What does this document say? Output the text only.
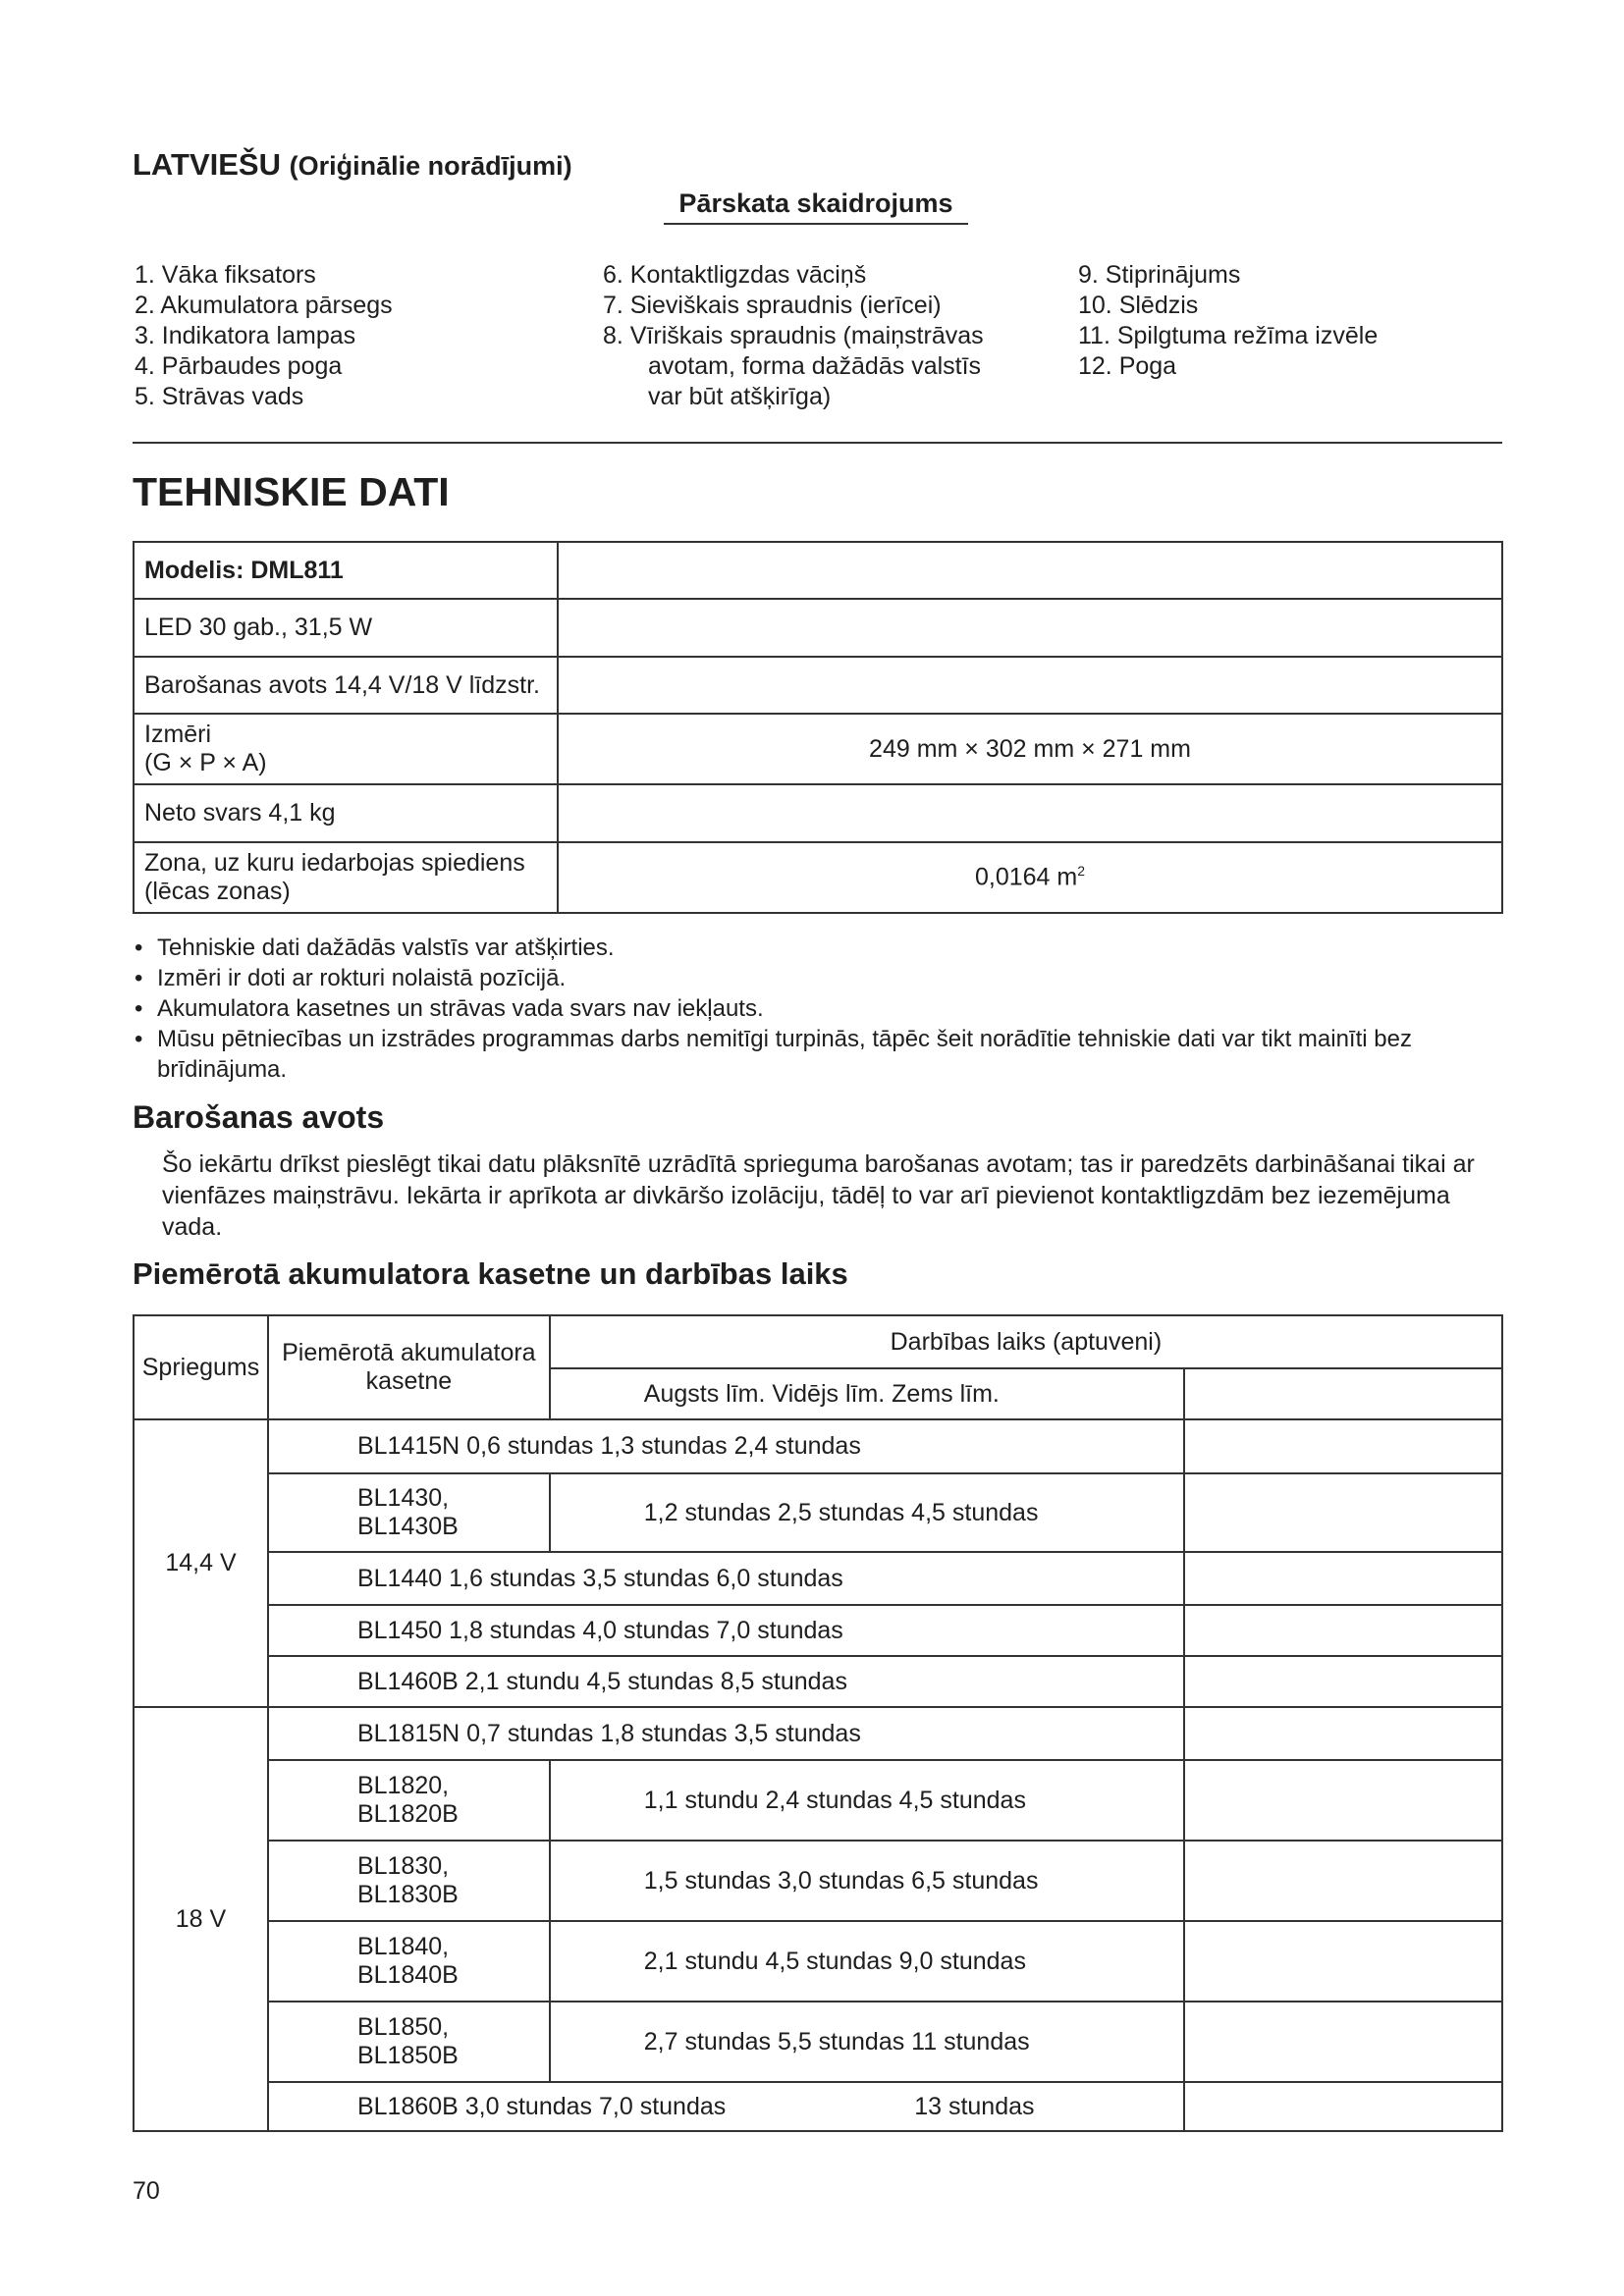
LATVIEŠU (Oriģinālie norādījumi)
Pārskata skaidrojums
1. Vāka fiksators
2. Akumulatora pārsegs
3. Indikatora lampas
4. Pārbaudes poga
5. Strāvas vads
6. Kontaktligzdas vāciņš
7. Sieviškais spraudnis (ierīcei)
8. Vīriškais spraudnis (maiņstrāvas
avotam, forma dažādās valstīs
var būt atšķirīga)
9. Stiprinājums
10. Slēdzis
11. Spilgtuma režīma izvēle
12. Poga
TEHNISKIE DATI
Modelis: DML811	
LED 30 gab., 31,5 W	
Barošanas avots 14,4 V/18 V līdzstr.	

Izmēri
(G × P × A)	249 mm × 302 mm × 271 mm
Neto svars 4,1 kg	

Zona, uz kuru iedarbojas spiediens
(lēcas zonas)	0,0164 $m^2$
• Tehniskie dati dažādās valstīs var atšķirties.
• Izmēri ir doti ar rokturi nolaistā pozīcijā.
• Akumulatora kasetnes un strāvas vada svars nav iekļauts.
• Mūsu pētniecības un izstrādes programmas darbs nemitīgi turpinās, tāpēc šeit norādītie tehniskie dati var tikt mainīti bez brīdinājuma.
Barošanas avots
Šo iekārtu drīkst pieslēgt tikai datu plāksnītē uzrādītā sprieguma barošanas avotam; tas ir paredzēts darbināšanai tikai ar vienfāzes maiņstrāvu. Iekārta ir aprīkota ar divkāršo izolāciju, tādēļ to var arī pievienot kontaktligzdām bez iezemējuma vada.
Piemērotā akumulatora kasetne un darbības laiks
Spriegums	Piemērotā akumulatora
kasetne	Darbības laiks (aptuveni)	
		Augsts līm. Vidējs līm. Zems līm.	
14,4 V	BL1415N 0,6 stundas 1,3 stundas 2,4 stundas		

	BL1430,
BL1430B	1,2 stundas 2,5 stundas 4,5 stundas	
	BL1440 1,6 stundas 3,5 stundas 6,0 stundas		
	BL1450 1,8 stundas 4,0 stundas 7,0 stundas		
	BL1460B 2,1 stundu 4,5 stundas 8,5 stundas		
18 V	BL1815N 0,7 stundas 1,8 stundas 3,5 stundas		

	BL1820,
BL1820B	1,1 stundu 2,4 stundas 4,5 stundas	

	BL1830,
BL1830B	1,5 stundas 3,0 stundas 6,5 stundas	

	BL1840,
BL1840B	2,1 stundu 4,5 stundas 9,0 stundas	

	BL1850,
BL1850B	2,7 stundas 5,5 stundas 11 stundas	
	BL1860B 3,0 stundas 7,0 stundas 13 stundas		
70
